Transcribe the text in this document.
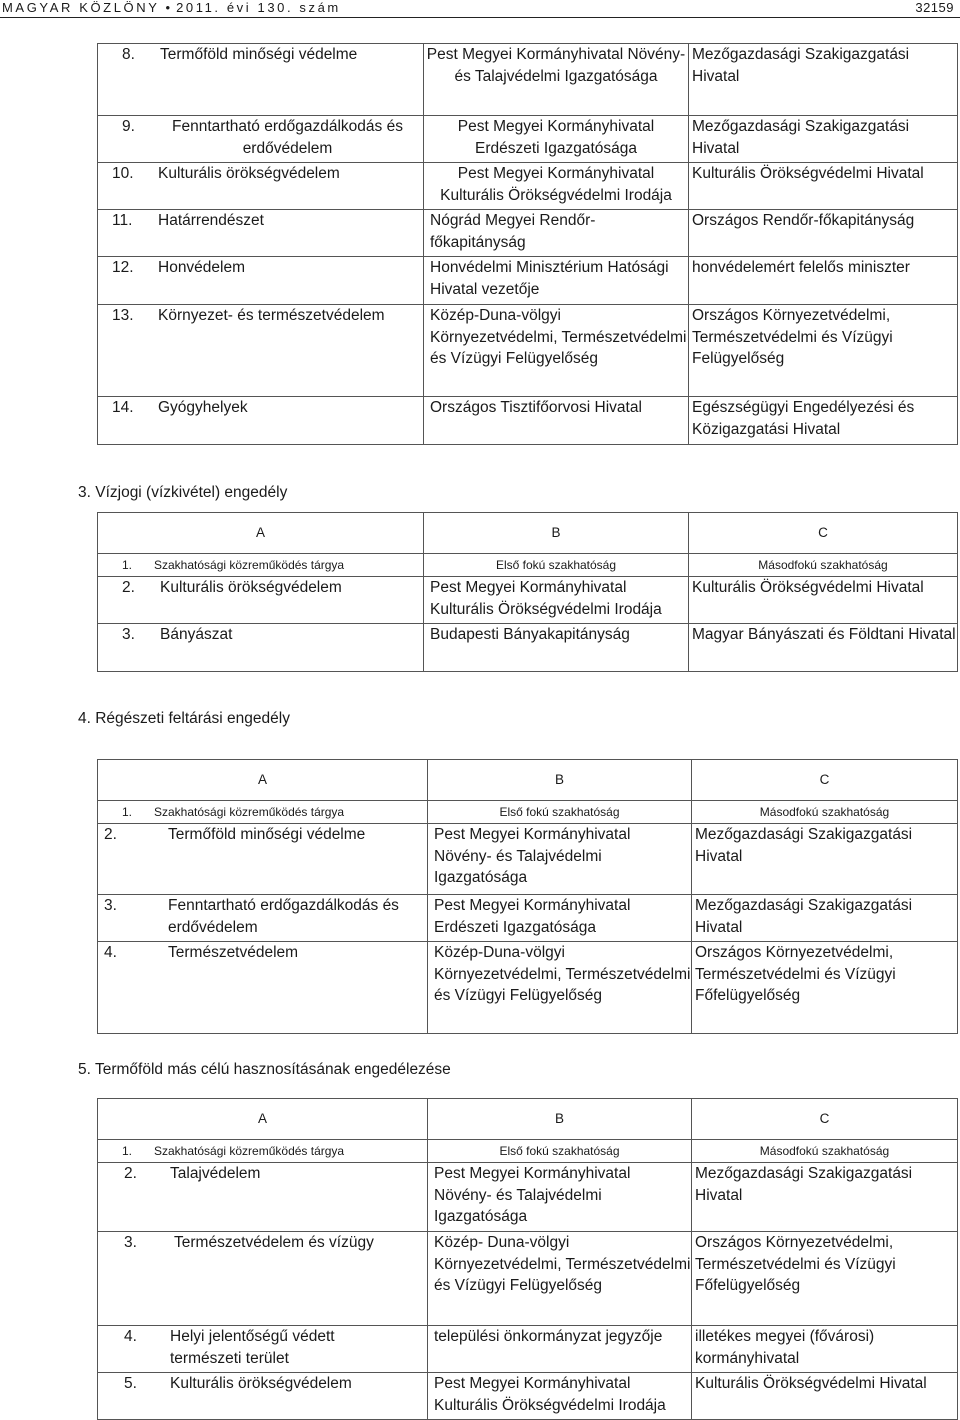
MAGYAR KÖZLÖNY • 2011. évi 130. szám	32159
8. Termőföld minőségi védelme	Pest Megyei Kormányhivatal Növény- és Talajvédelmi Igazgatósága	Mezőgazdasági Szakigazgatási Hivatal
9. Fenntartható erdőgazdálkodás és erdővédelem	Pest Megyei Kormányhivatal Erdészeti Igazgatósága	Mezőgazdasági Szakigazgatási Hivatal
10. Kulturális örökségvédelem	Pest Megyei Kormányhivatal Kulturális Örökségvédelmi Irodája	Kulturális Örökségvédelmi Hivatal
11. Határrendészet	Nógrád Megyei Rendőr-főkapitányság	Országos Rendőr-főkapitányság
12. Honvédelem	Honvédelmi Minisztérium Hatósági Hivatal vezetője	honvédelemért felelős miniszter
13. Környezet- és természetvédelem	Közép-Duna-völgyi Környezetvédelmi, Természetvédelmi és Vízügyi Felügyelőség	Országos Környezetvédelmi, Természetvédelmi és Vízügyi Felügyelőség
14. Gyógyhelyek	Országos Tisztifőorvosi Hivatal	Egészségügyi Engedélyezési és Közigazgatási Hivatal
3. Vízjogi (vízkivétel) engedély
A	B	C
1. Szakhatósági közreműködés tárgya	Első fokú szakhatóság	Másodfokú szakhatóság
2. Kulturális örökségvédelem	Pest Megyei Kormányhivatal Kulturális Örökségvédelmi Irodája	Kulturális Örökségvédelmi Hivatal
3. Bányászat	Budapesti Bányakapitányság	Magyar Bányászati és Földtani Hivatal
4. Régészeti feltárási engedély
A	B	C
1. Szakhatósági közreműködés tárgya	Első fokú szakhatóság	Másodfokú szakhatóság
2. Termőföld minőségi védelme	Pest Megyei Kormányhivatal Növény- és Talajvédelmi Igazgatósága	Mezőgazdasági Szakigazgatási Hivatal
3. Fenntartható erdőgazdálkodás és erdővédelem	Pest Megyei Kormányhivatal Erdészeti Igazgatósága	Mezőgazdasági Szakigazgatási Hivatal
4. Természetvédelem	Közép-Duna-völgyi Környezetvédelmi, Természetvédelmi és Vízügyi Felügyelőség	Országos Környezetvédelmi, Természetvédelmi és Vízügyi Főfelügyelőség
5. Termőföld más célú hasznosításának engedélezése
A	B	C
1. Szakhatósági közreműködés tárgya	Első fokú szakhatóság	Másodfokú szakhatóság
2. Talajvédelem	Pest Megyei Kormányhivatal Növény- és Talajvédelmi Igazgatósága	Mezőgazdasági Szakigazgatási Hivatal
3. Természetvédelem és vízügy	Közép- Duna-völgyi Környezetvédelmi, Természetvédelmi és Vízügyi Felügyelőség	Országos Környezetvédelmi, Természetvédelmi és Vízügyi Főfelügyelőség
4. Helyi jelentőségű védett természeti terület	települési önkormányzat jegyzője	illetékes megyei (fővárosi) kormányhivatal
5. Kulturális örökségvédelem	Pest Megyei Kormányhivatal Kulturális Örökségvédelmi Irodája	Kulturális Örökségvédelmi Hivatal
